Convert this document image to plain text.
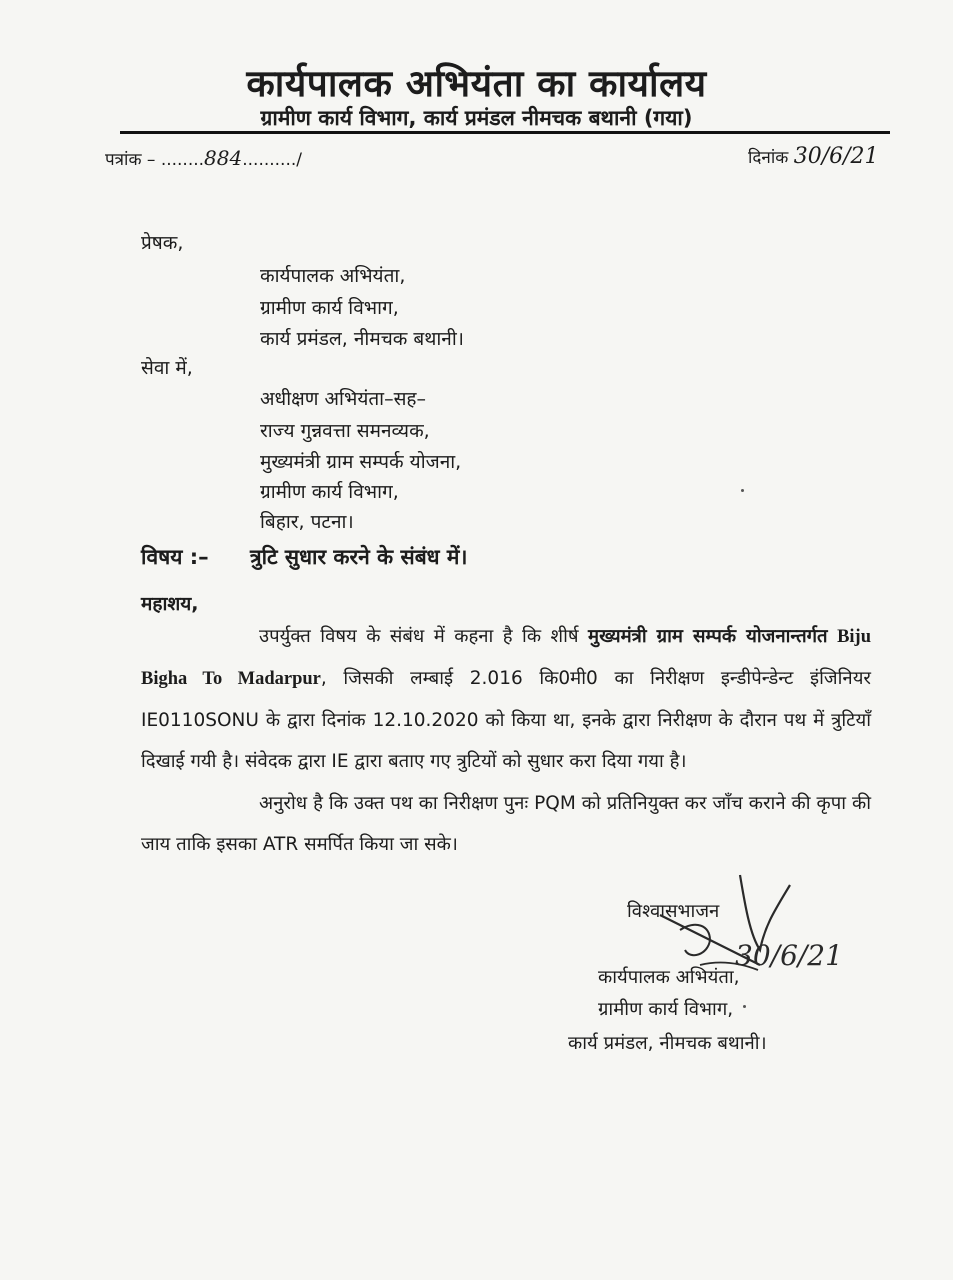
कार्यपालक अभियंता का कार्यालय
ग्रामीण कार्य विभाग, कार्य प्रमंडल नीमचक बथानी (गया)
पत्रांक – ........884........../	दिनांक 30/6/21
प्रेषक,
कार्यपालक अभियंता,
ग्रामीण कार्य विभाग,
कार्य प्रमंडल, नीमचक बथानी।
सेवा में,
अधीक्षण अभियंता–सह–
राज्य गुन्नवत्ता समनव्यक,
मुख्यमंत्री ग्राम सम्पर्क योजना,
ग्रामीण कार्य विभाग,
बिहार, पटना।
विषय :– त्रुटि सुधार करने के संबंध में।
महाशय,

उपर्युक्त विषय के संबंध में कहना है कि शीर्ष मुख्यमंत्री ग्राम सम्पर्क योजनान्तर्गत Biju Bigha To Madarpur, जिसकी लम्बाई 2.016 कि0मी0 का निरीक्षण इन्डीपेन्डेन्ट इंजिनियर IE0110SONU के द्वारा दिनांक 12.10.2020 को किया था, इनके द्वारा निरीक्षण के दौरान पथ में त्रुटियाँ दिखाई गयी है। संवेदक द्वारा IE द्वारा बताए गए त्रुटियों को सुधार करा दिया गया है।

अनुरोध है कि उक्त पथ का निरीक्षण पुनः PQM को प्रतिनियुक्त कर जाँच कराने की कृपा की जाय ताकि इसका ATR समर्पित किया जा सके।

विश्वासभाजन
कार्यपालक अभियंता,
ग्रामीण कार्य विभाग,
कार्य प्रमंडल, नीमचक बथानी।
30/6/21
